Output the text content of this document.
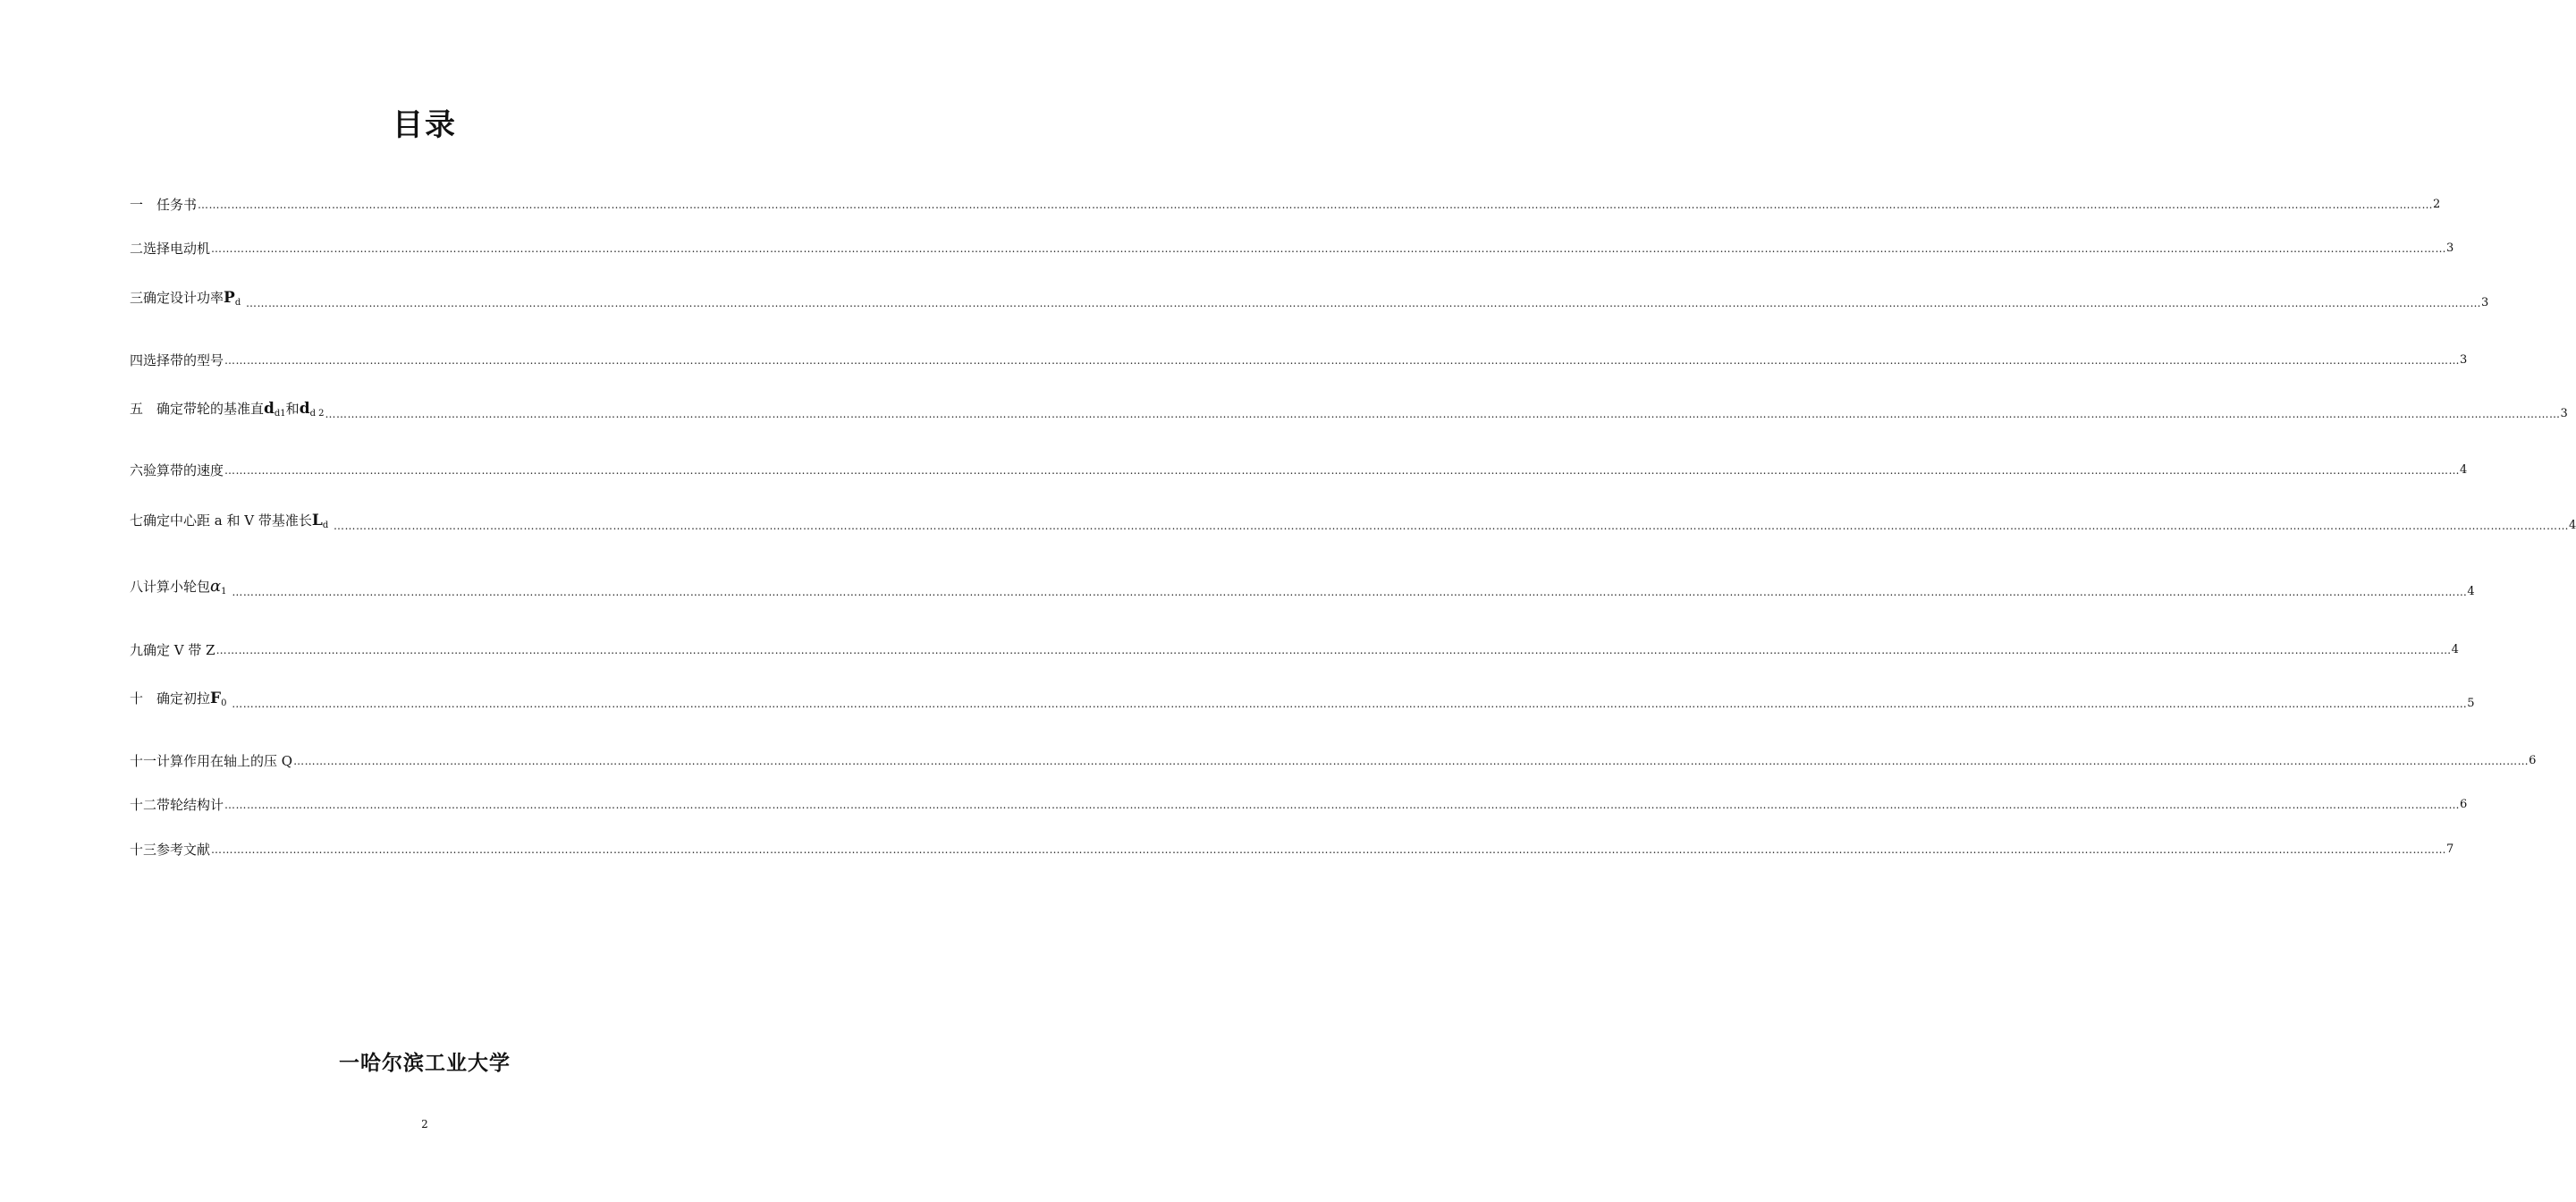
目录
一　任务书 …………………………………………………………………………………………………………………………………………………………………………………………………………………………………………………………………………………………………………………………………………………………………………………………………………………………………………………………………………………………………………………………………………………… 2
二选择电动机 …………………………………………………………………………………………………………………………………………………………………………………………………………………………………………………………………………………………………………………………………………………………………………………………………………………………………………………………………………………………………………………………………………………… 3
三确定设计功率$P_d$ …………………………………………………………………………………………………………………………………………………………………………………………………………………………………………………………………………………………………………………………………………………………………………………………………………………………………………………………………………………………………………………………………………………… 3
四选择带的型号 …………………………………………………………………………………………………………………………………………………………………………………………………………………………………………………………………………………………………………………………………………………………………………………………………………………………………………………………………………………………………………………………………………………… 3
五　确定带轮的基准直$d_{d1}$和$d_{d 2}$ …………………………………………………………………………………………………………………………………………………………………………………………………………………………………………………………………………………………………………………………………………………………………………………………………………………………………………………………………………………………………………………………………………………… 3
六验算带的速度 …………………………………………………………………………………………………………………………………………………………………………………………………………………………………………………………………………………………………………………………………………………………………………………………………………………………………………………………………………………………………………………………………………………… 4
七确定中心距 a 和 V 带基准长$L_d$ …………………………………………………………………………………………………………………………………………………………………………………………………………………………………………………………………………………………………………………………………………………………………………………………………………………………………………………………………………………………………………………………………………………… 4
八计算小轮包$\alpha_1$ …………………………………………………………………………………………………………………………………………………………………………………………………………………………………………………………………………………………………………………………………………………………………………………………………………………………………………………………………………………………………………………………………………………… 4
九确定 V 带 Z …………………………………………………………………………………………………………………………………………………………………………………………………………………………………………………………………………………………………………………………………………………………………………………………………………………………………………………………………………………………………………………………………………………… 4
十　确定初拉$F_0$ …………………………………………………………………………………………………………………………………………………………………………………………………………………………………………………………………………………………………………………………………………………………………………………………………………………………………………………………………………………………………………………………………………………… 5
十一计算作用在轴上的压 Q …………………………………………………………………………………………………………………………………………………………………………………………………………………………………………………………………………………………………………………………………………………………………………………………………………………………………………………………………………………………………………………………………………………… 6
十二带轮结构计 …………………………………………………………………………………………………………………………………………………………………………………………………………………………………………………………………………………………………………………………………………………………………………………………………………………………………………………………………………………………………………………………………………………… 6
十三参考文献 …………………………………………………………………………………………………………………………………………………………………………………………………………………………………………………………………………………………………………………………………………………………………………………………………………………………………………………………………………………………………………………………………………………… 7
一哈尔滨工业大学
2
